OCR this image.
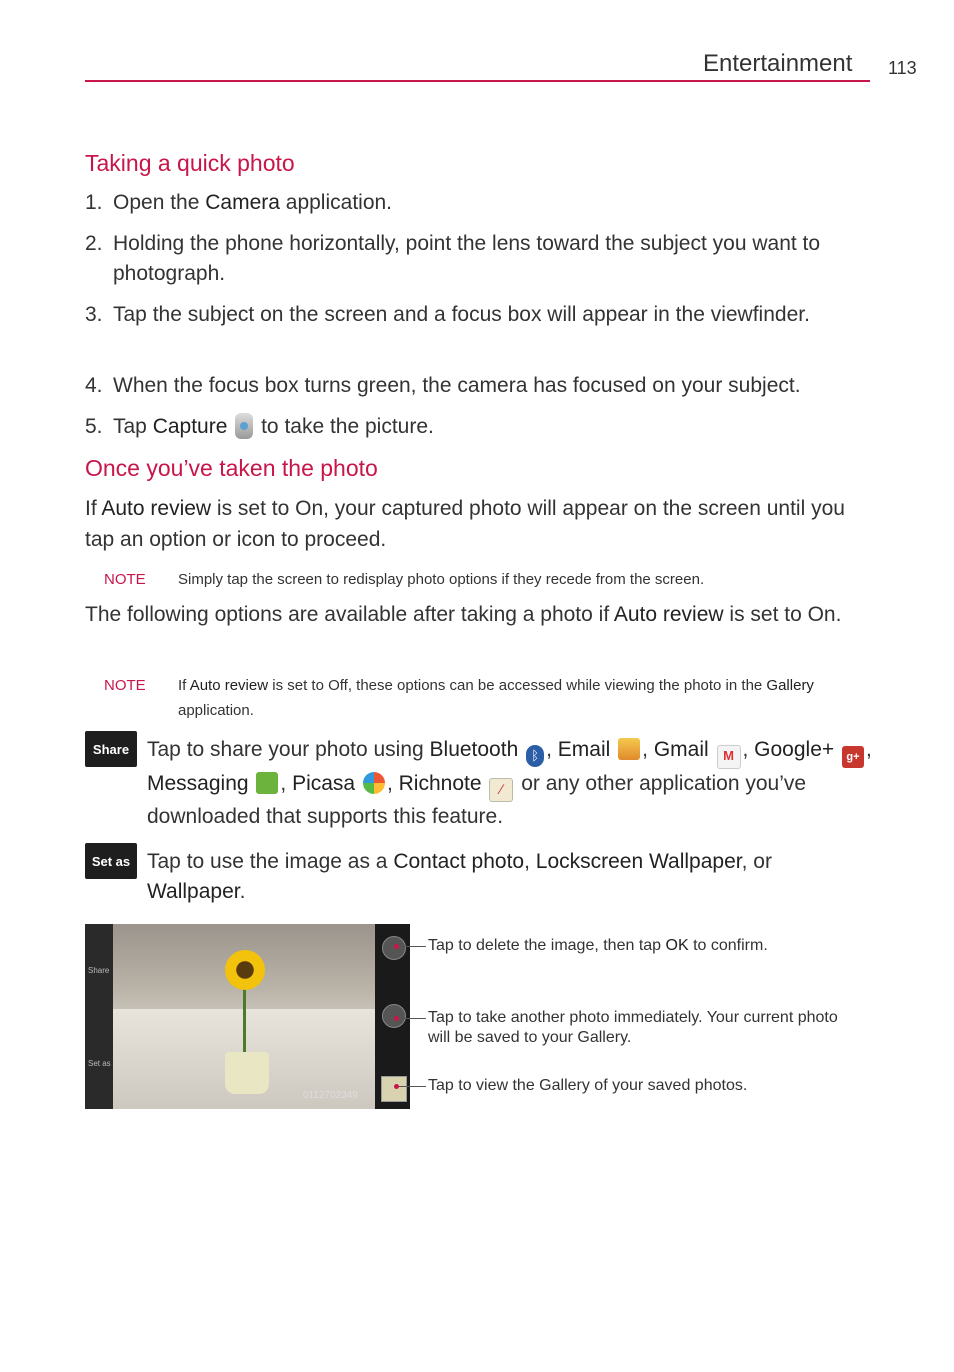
Entertainment 113
Taking a quick photo
1. Open the Camera application.
2. Holding the phone horizontally, point the lens toward the subject you want to photograph.
3. Tap the subject on the screen and a focus box will appear in the viewfinder.
4. When the focus box turns green, the camera has focused on your subject.
5. Tap Capture  to take the picture.
Once you’ve taken the photo
If Auto review is set to On, your captured photo will appear on the screen until you tap an option or icon to proceed.
NOTE Simply tap the screen to redisplay photo options if they recede from the screen.
The following options are available after taking a photo if Auto review is set to On.
NOTE If Auto review is set to Off, these options can be accessed while viewing the photo in the Gallery application.
Share Tap to share your photo using Bluetooth ᛒ , Email , Gmail M , Google+ g+ , Messaging , Picasa , Richnote ∕ or any other application you’ve downloaded that supports this feature.
Set as Tap to use the image as a Contact photo, Lockscreen Wallpaper, or Wallpaper.
Share
Set as
0112702349
Tap to delete the image, then tap OK to confirm.
Tap to take another photo immediately. Your current photo will be saved to your Gallery.
Tap to view the Gallery of your saved photos.
